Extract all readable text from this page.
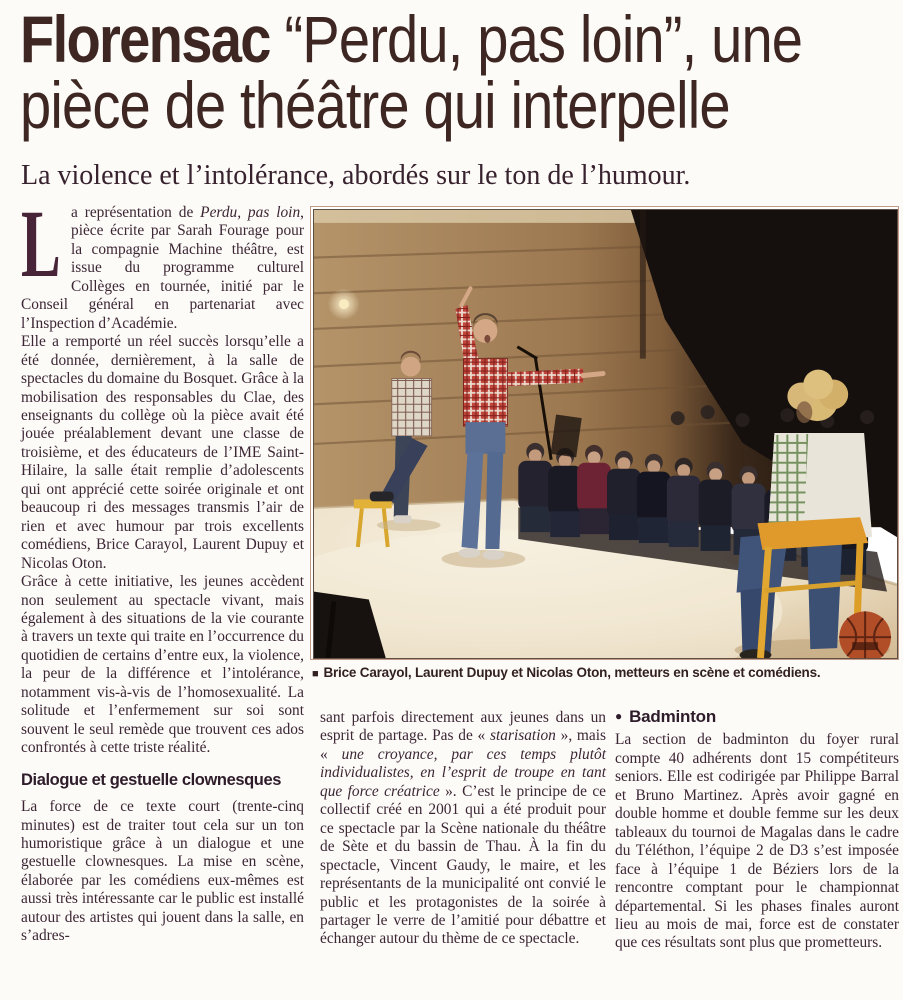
Florensac “Perdu, pas loin”, une
pièce de théâtre qui interpelle

La violence et l’intolérance, abordés sur le ton de l’humour.

La représentation de Perdu, pas loin, pièce écrite par Sarah Fourage pour la compagnie Machine théâtre, est issue du programme culturel Collèges en tournée, initié par le Conseil général en partenariat avec l’Inspection d’Académie.

Elle a remporté un réel succès lorsqu’elle a été donnée, dernièrement, à la salle de spectacles du domaine du Bosquet. Grâce à la mobilisation des responsables du Clae, des enseignants du collège où la pièce avait été jouée préalablement devant une classe de troisième, et des éducateurs de l’IME Saint-Hilaire, la salle était remplie d’adolescents qui ont apprécié cette soirée originale et ont beaucoup ri des messages transmis l’air de rien et avec humour par trois excellents comédiens, Brice Carayol, Laurent Dupuy et Nicolas Oton.

Grâce à cette initiative, les jeunes accèdent non seulement au spectacle vivant, mais également à des situations de la vie courante à travers un texte qui traite en l’occurrence du quotidien de certains d’entre eux, la violence, la peur de la différence et l’intolérance, notamment vis-à-vis de l’homosexualité. La solitude et l’enfermement sur soi sont souvent le seul remède que trouvent ces ados confrontés à cette triste réalité.

Dialogue et gestuelle clownesques

La force de ce texte court (trente-cinq minutes) est de traiter tout cela sur un ton humoristique grâce à un dialogue et une gestuelle clownesques. La mise en scène, élaborée par les comédiens eux-mêmes est aussi très intéressante car le public est installé autour des artistes qui jouent dans la salle, en s’adres-

■ Brice Carayol, Laurent Dupuy et Nicolas Oton, metteurs en scène et comédiens.

sant parfois directement aux jeunes dans un esprit de partage. Pas de « starisation », mais « une croyance, par ces temps plutôt individualistes, en l’esprit de troupe en tant que force créatrice ». C’est le principe de ce collectif créé en 2001 qui a été produit pour ce spectacle par la Scène nationale du théâtre de Sète et du bassin de Thau. À la fin du spectacle, Vincent Gaudy, le maire, et les représentants de la municipalité ont convié le public et les protagonistes de la soirée à partager le verre de l’amitié pour débattre et échanger autour du thème de ce spectacle.

● Badminton

La section de badminton du foyer rural compte 40 adhérents dont 15 compétiteurs seniors. Elle est codirigée par Philippe Barral et Bruno Martinez. Après avoir gagné en double homme et double femme sur les deux tableaux du tournoi de Magalas dans le cadre du Téléthon, l’équipe 2 de D3 s’est imposée face à l’équipe 1 de Béziers lors de la rencontre comptant pour le championnat départemental. Si les phases finales auront lieu au mois de mai, force est de constater que ces résultats sont plus que prometteurs.
